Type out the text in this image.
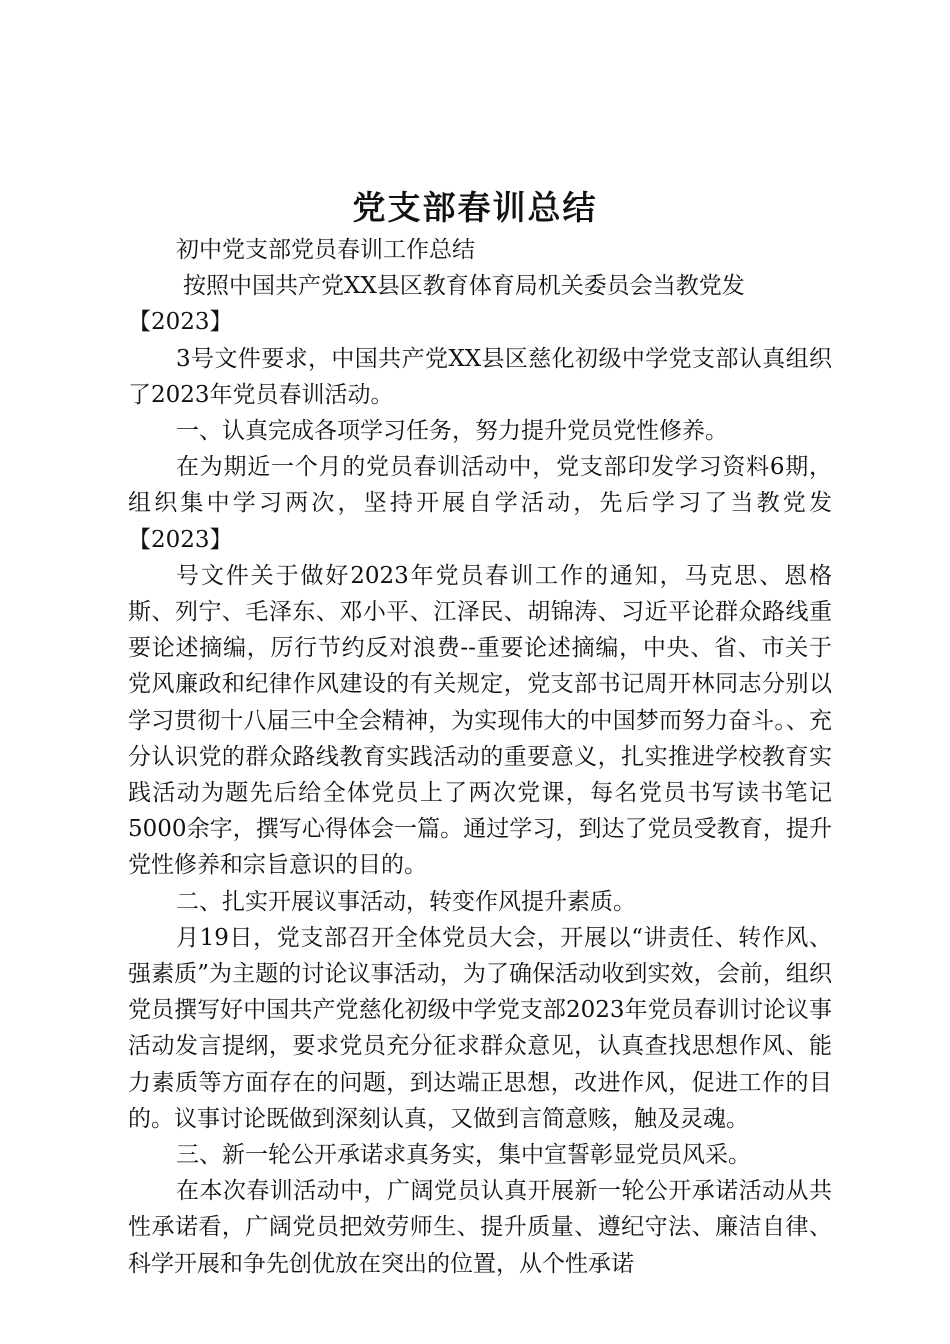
党支部春训总结

初中党支部党员春训工作总结

按照中国共产党XX县区教育体育局机关委员会当教党发

【2023】

3号文件要求，中国共产党XX县区慈化初级中学党支部认真组织了2023年党员春训活动。

一、认真完成各项学习任务，努力提升党员党性修养。

在为期近一个月的党员春训活动中，党支部印发学习资料6期，组织集中学习两次，坚持开展自学活动，先后学习了当教党发【2023】

号文件关于做好2023年党员春训工作的通知，马克思、恩格斯、列宁、毛泽东、邓小平、江泽民、胡锦涛、习近平论群众路线重要论述摘编，厉行节约反对浪费--重要论述摘编，中央、省、市关于党风廉政和纪律作风建设的有关规定，党支部书记周开林同志分别以学习贯彻十八届三中全会精神，为实现伟大的中国梦而努力奋斗。、充分认识党的群众路线教育实践活动的重要意义，扎实推进学校教育实践活动为题先后给全体党员上了两次党课，每名党员书写读书笔记5000余字，撰写心得体会一篇。通过学习，到达了党员受教育，提升党性修养和宗旨意识的目的。

二、扎实开展议事活动，转变作风提升素质。

月19日，党支部召开全体党员大会，开展以“讲责任、转作风、强素质”为主题的讨论议事活动，为了确保活动收到实效，会前，组织党员撰写好中国共产党慈化初级中学党支部2023年党员春训讨论议事活动发言提纲，要求党员充分征求群众意见，认真查找思想作风、能力素质等方面存在的问题，到达端正思想，改进作风，促进工作的目的。议事讨论既做到深刻认真，又做到言简意赅，触及灵魂。

三、新一轮公开承诺求真务实，集中宣誓彰显党员风采。

在本次春训活动中，广阔党员认真开展新一轮公开承诺活动从共性承诺看，广阔党员把效劳师生、提升质量、遵纪守法、廉洁自律、科学开展和争先创优放在突出的位置，从个性承诺
